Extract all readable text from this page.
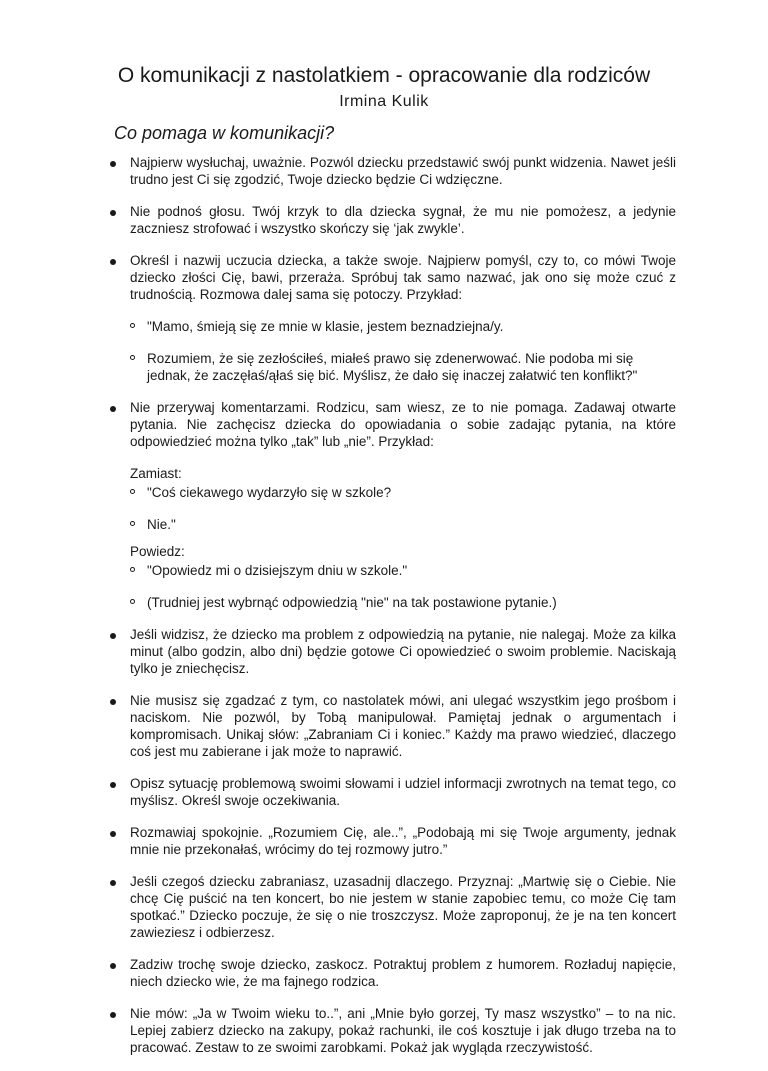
O komunikacji z nastolatkiem - opracowanie dla rodziców
Irmina Kulik
Co pomaga w komunikacji?
Najpierw wysłuchaj, uważnie. Pozwól dziecku przedstawić swój punkt widzenia. Nawet jeśli trudno jest Ci się zgodzić, Twoje dziecko będzie Ci wdzięczne.
Nie podnoś głosu. Twój krzyk to dla dziecka sygnał, że mu nie pomożesz, a jedynie zaczniesz strofować i wszystko skończy się ‘jak zwykle’.
Określ i nazwij uczucia dziecka, a także swoje. Najpierw pomyśl, czy to, co mówi Twoje dziecko złości Cię, bawi, przeraża. Spróbuj tak samo nazwać, jak ono się może czuć z trudnością. Rozmowa dalej sama się potoczy. Przykład:
"Mamo, śmieją się ze mnie w klasie, jestem beznadziejna/y.
Rozumiem, że się zezłościłeś, miałeś prawo się zdenerwować. Nie podoba mi się jednak, że zaczęłaś/ąłaś się bić. Myślisz, że dało się inaczej załatwić ten konflikt?"
Nie przerywaj komentarzami. Rodzicu, sam wiesz, ze to nie pomaga. Zadawaj otwarte pytania. Nie zachęcisz dziecka do opowiadania o sobie zadając pytania, na które odpowiedzieć można tylko „tak” lub „nie”. Przykład:
Zamiast:
"Coś ciekawego wydarzyło się w szkole?
Nie."
Powiedz:
"Opowiedz mi o dzisiejszym dniu w szkole."
(Trudniej jest wybrnąć odpowiedzią "nie" na tak postawione pytanie.)
Jeśli widzisz, że dziecko ma problem z odpowiedzią na pytanie, nie nalegaj. Może za kilka minut (albo godzin, albo dni) będzie gotowe Ci opowiedzieć o swoim problemie. Naciskają tylko je zniechęcisz.
Nie musisz się zgadzać z tym, co nastolatek mówi, ani ulegać wszystkim jego prośbom i naciskom. Nie pozwól, by Tobą manipulował. Pamiętaj jednak o argumentach i kompromisach. Unikaj słów: „Zabraniam Ci i koniec.” Każdy ma prawo wiedzieć, dlaczego coś jest mu zabierane i jak może to naprawić.
Opisz sytuację problemową swoimi słowami i udziel informacji zwrotnych na temat tego, co myślisz. Określ swoje oczekiwania.
Rozmawiaj spokojnie. „Rozumiem Cię, ale..”, „Podobają mi się Twoje argumenty, jednak mnie nie przekonałaś, wrócimy do tej rozmowy jutro.”
Jeśli czegoś dziecku zabraniasz, uzasadnij dlaczego. Przyznaj: „Martwię się o Ciebie. Nie chcę Cię puścić na ten koncert, bo nie jestem w stanie zapobiec temu, co może Cię tam spotkać.” Dziecko poczuje, że się o nie troszczysz. Może zaproponuj, że je na ten koncert zawieziesz i odbierzesz.
Zadziw trochę swoje dziecko, zaskocz. Potraktuj problem z humorem. Rozładuj napięcie, niech dziecko wie, że ma fajnego rodzica.
Nie mów: „Ja w Twoim wieku to..”, ani „Mnie było gorzej, Ty masz wszystko” – to na nic. Lepiej zabierz dziecko na zakupy, pokaż rachunki, ile coś kosztuje i jak długo trzeba na to pracować. Zestaw to ze swoimi zarobkami. Pokaż jak wygląda rzeczywistość.
